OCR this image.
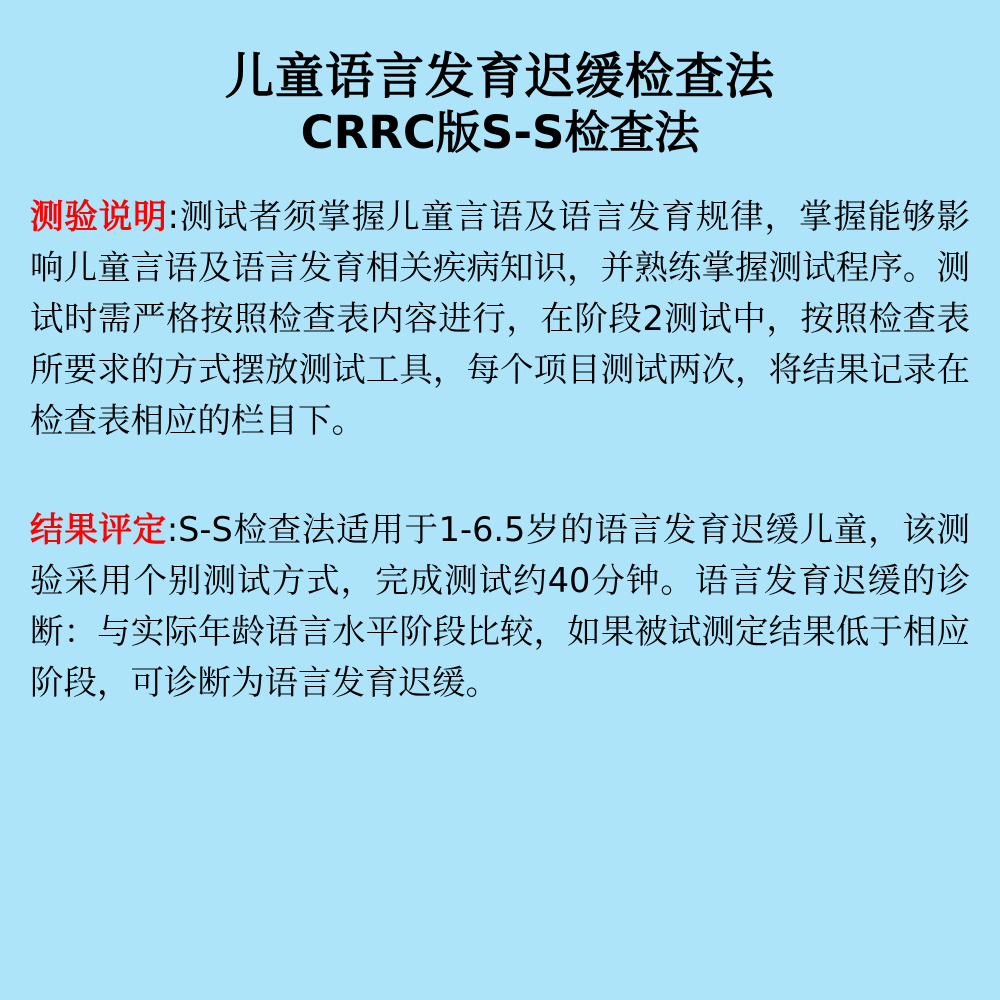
儿童语言发育迟缓检查法
CRRC版S-S检查法

测验说明:测试者须掌握儿童言语及语言发育规律，掌握能够影响儿童言语及语言发育相关疾病知识，并熟练掌握测试程序。测试时需严格按照检查表内容进行，在阶段2测试中，按照检查表所要求的方式摆放测试工具，每个项目测试两次，将结果记录在检查表相应的栏目下。

结果评定:S-S检查法适用于1-6.5岁的语言发育迟缓儿童，该测验采用个别测试方式，完成测试约40分钟。语言发育迟缓的诊断：与实际年龄语言水平阶段比较，如果被试测定结果低于相应阶段，可诊断为语言发育迟缓。
